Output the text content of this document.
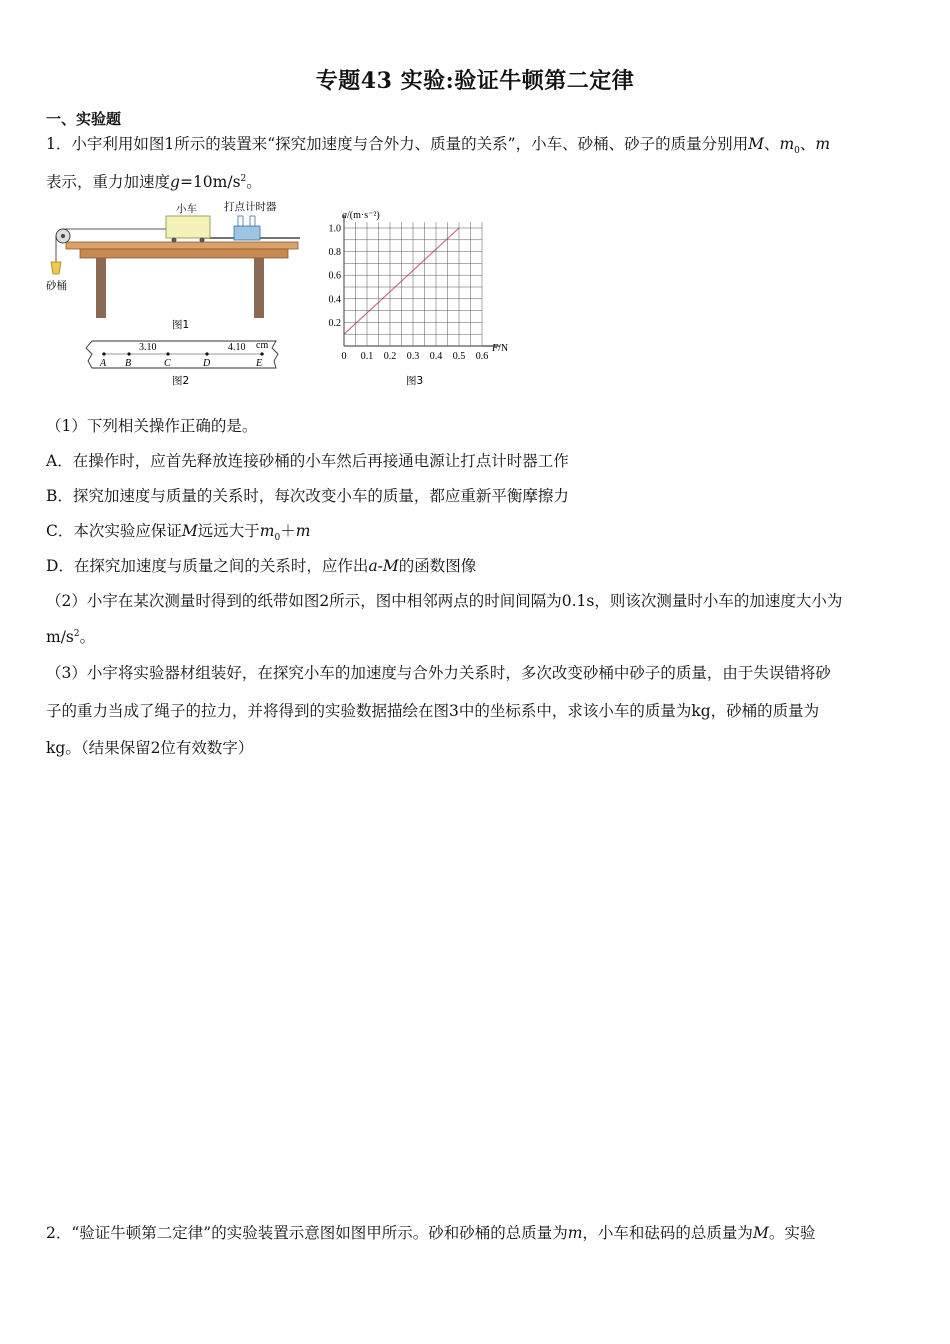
专题43 实验:验证牛顿第二定律
一、实验题
1．小宇利用如图1所示的装置来“探究加速度与合外力、质量的关系”，小车、砂桶、砂子的质量分别用M、$m_0$、m
表示，重力加速度$g=10m/s^2$。
砂桶
小车	打点计时器
图1
A B	C	D	E
3.10	4.10 cm
图2
a/(m·s⁻²)
F/N
图3
0 0.1 0.2 0.3 0.4 0.5 0.6
0.2
0.4
0.6
0.8
1.0
（1）下列相关操作正确的是。
A．在操作时，应首先释放连接砂桶的小车然后再接通电源让打点计时器工作
B．探究加速度与质量的关系时，每次改变小车的质量，都应重新平衡摩擦力
C．本次实验应保证M远远大于$m_0+m$
D．在探究加速度与质量之间的关系时，应作出a-M的函数图像
（2）小宇在某次测量时得到的纸带如图2所示，图中相邻两点的时间间隔为0.1s，则该次测量时小车的加速度大小为
$m/s^2$。
（3）小宇将实验器材组装好，在探究小车的加速度与合外力关系时，多次改变砂桶中砂子的质量，由于失误错将砂
子的重力当成了绳子的拉力，并将得到的实验数据描绘在图3中的坐标系中，求该小车的质量为kg，砂桶的质量为
kg。（结果保留2位有效数字）
2．“验证牛顿第二定律”的实验装置示意图如图甲所示。砂和砂桶的总质量为m，小车和砝码的总质量为M。实验
